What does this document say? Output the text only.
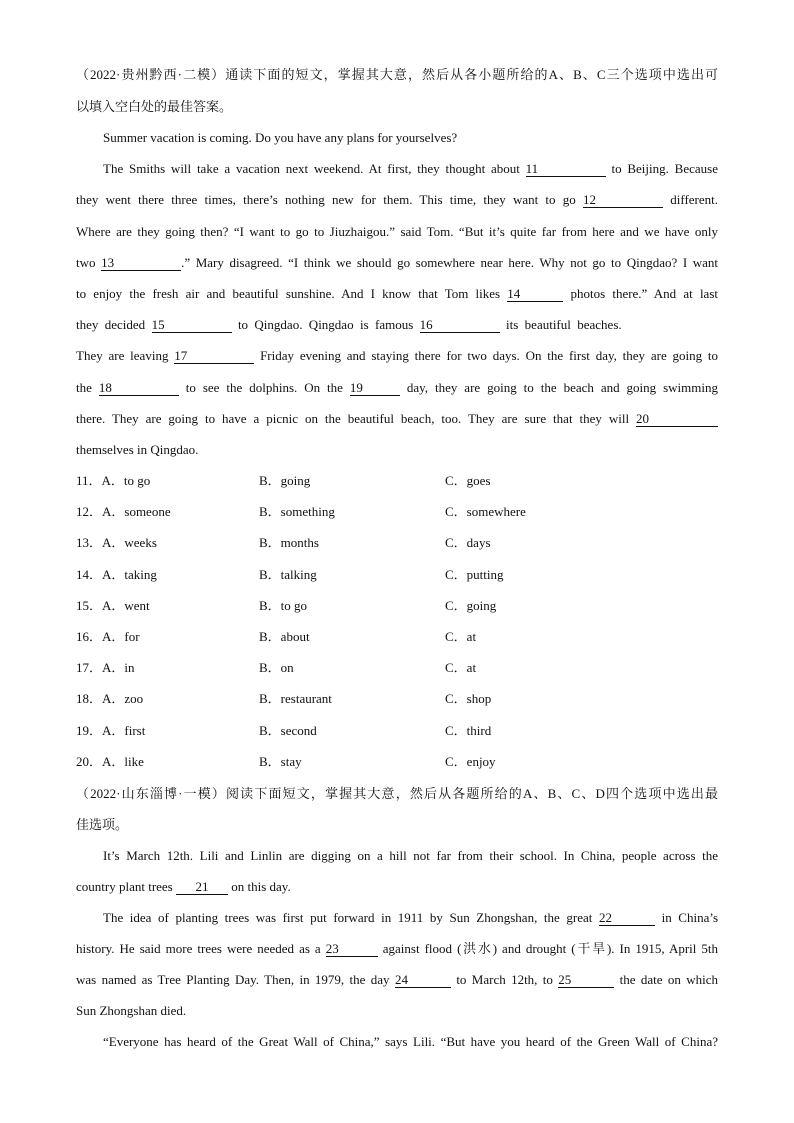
（2022·贵州黔西·二模）通读下面的短文，掌握其大意，然后从各小题所给的A、B、C三个选项中选出可
以填入空白处的最佳答案。
Summer vacation is coming. Do you have any plans for yourselves?
The Smiths will take a vacation next weekend. At first, they thought about 11	to Beijing. Because
they went there three times, there’s nothing new for them. This time, they want to go 12	different.
Where are they going then? “I want to go to Jiuzhaigou.” said Tom. “But it’s quite far from here and we have only
two 13	.” Mary disagreed. “I think we should go somewhere near here. Why not go to Qingdao? I want
to enjoy the fresh air and beautiful sunshine. And I know that Tom likes 14	photos there.” And at last
they decided 15	to Qingdao. Qingdao is famous 16	its beautiful beaches.
They are leaving 17	Friday evening and staying there for two days. On the first day, they are going to
the 18	to see the dolphins. On the 19	day, they are going to the beach and going swimming
there. They are going to have a picnic on the beautiful beach, too. They are sure that they will 20
themselves in Qingdao.
11．A．to go	B．going	C．goes
12．A．someone	B．something	C．somewhere
13．A．weeks	B．months	C．days
14．A．taking	B．talking	C．putting
15．A．went	B．to go	C．going
16．A．for	B．about	C．at
17．A．in	B．on	C．at
18．A．zoo	B．restaurant	C．shop
19．A．first	B．second	C．third
20．A．like	B．stay	C．enjoy
（2022·山东淄博·一模）阅读下面短文，掌握其大意，然后从各题所给的A、B、C、D四个选项中选出最
佳选项。
It’s March 12th. Lili and Linlin are digging on a hill not far from their school. In China, people across the
country plant trees 21 on this day.
The idea of planting trees was first put forward in 1911 by Sun Zhongshan, the great 22	in China’s
history. He said more trees were needed as a 23	against flood (洪水) and drought (干旱). In 1915, April 5th
was named as Tree Planting Day. Then, in 1979, the day 24	to March 12th, to 25	the date on which
Sun Zhongshan died.
“Everyone has heard of the Great Wall of China,” says Lili. “But have you heard of the Green Wall of China?
